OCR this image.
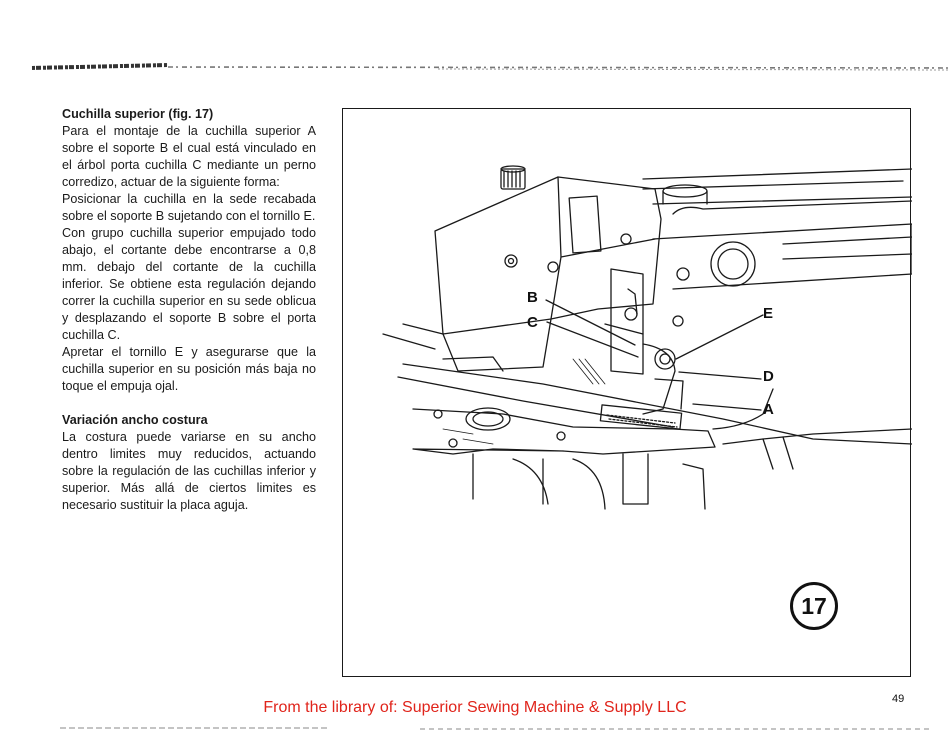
Cuchilla superior (fig. 17)

Para el montaje de la cuchilla superior A sobre el soporte B el cual está vinculado en el árbol porta cuchilla C mediante un perno corredizo, actuar de la siguiente forma:

Posicionar la cuchilla en la sede recabada sobre el soporte B sujetando con el tornillo E.

Con grupo cuchilla superior empujado todo abajo, el cortante debe encontrarse a 0,8 mm. debajo del cortante de la cuchilla inferior. Se obtiene esta regulación dejando correr la cuchilla superior en su sede oblicua y desplazando el soporte B sobre el porta cuchilla C.

Apretar el tornillo E y asegurarse que la cuchilla superior en su posición más baja no toque el empuja ojal.

Variación ancho costura

La costura puede variarse en su ancho dentro limites muy reducidos, actuando sobre la regulación de las cuchillas inferior y superior. Más allá de ciertos limites es necesario sustituir la placa aguja.

B
C
E
D
A
17
49
From the library of: Superior Sewing Machine & Supply LLC
